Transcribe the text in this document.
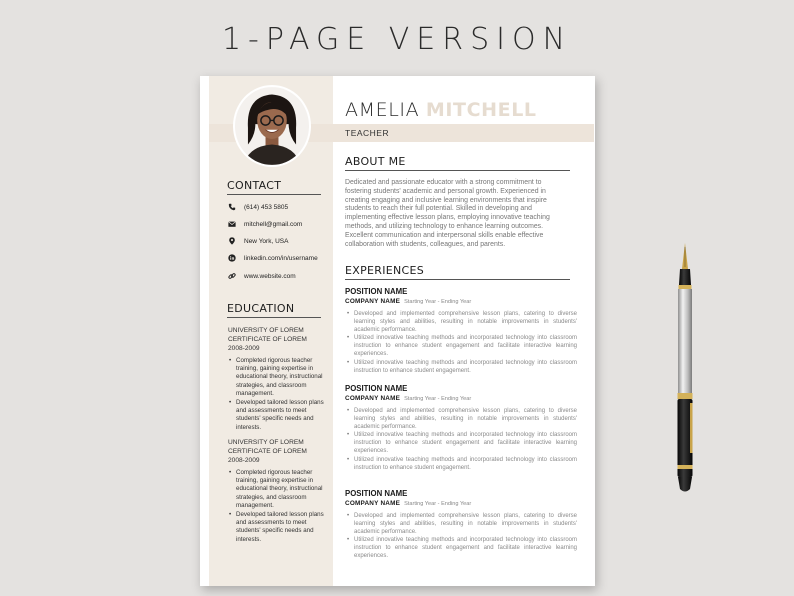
1-PAGE VERSION
CONTACT
(614) 453 5805
mitchell@gmail.com
New York, USA
linkedin.com/in/username
www.website.com
EDUCATION
UNIVERSITY OF LOREM
CERTIFICATE OF LOREM
2008-2009
• Completed rigorous teacher training, gaining expertise in educational theory, instructional strategies, and classroom management.
• Developed tailored lesson plans and assessments to meet students' specific needs and interests.
UNIVERSITY OF LOREM
CERTIFICATE OF LOREM
2008-2009
• Completed rigorous teacher training, gaining expertise in educational theory, instructional strategies, and classroom management.
• Developed tailored lesson plans and assessments to meet students' specific needs and interests.
AMELIA MITCHELL
TEACHER
ABOUT ME
Dedicated and passionate educator with a strong commitment to fostering students' academic and personal growth. Experienced in creating engaging and inclusive learning environments that inspire students to reach their full potential. Skilled in developing and implementing effective lesson plans, employing innovative teaching methods, and utilizing technology to enhance learning outcomes. Excellent communication and interpersonal skills enable effective collaboration with students, colleagues, and parents.
EXPERIENCES
POSITION NAME
COMPANY NAME Starting Year - Ending Year
• Developed and implemented comprehensive lesson plans, catering to diverse learning styles and abilities, resulting in notable improvements in students' academic performance.
• Utilized innovative teaching methods and incorporated technology into classroom instruction to enhance student engagement and facilitate interactive learning experiences.
• Utilized innovative teaching methods and incorporated technology into classroom instruction to enhance student engagement.
POSITION NAME
COMPANY NAME Starting Year - Ending Year
• Developed and implemented comprehensive lesson plans, catering to diverse learning styles and abilities, resulting in notable improvements in students' academic performance.
• Utilized innovative teaching methods and incorporated technology into classroom instruction to enhance student engagement and facilitate interactive learning experiences.
• Utilized innovative teaching methods and incorporated technology into classroom instruction to enhance student engagement.
POSITION NAME
COMPANY NAME Starting Year - Ending Year
• Developed and implemented comprehensive lesson plans, catering to diverse learning styles and abilities, resulting in notable improvements in students' academic performance.
• Utilized innovative teaching methods and incorporated technology into classroom instruction to enhance student engagement and facilitate interactive learning experiences.
